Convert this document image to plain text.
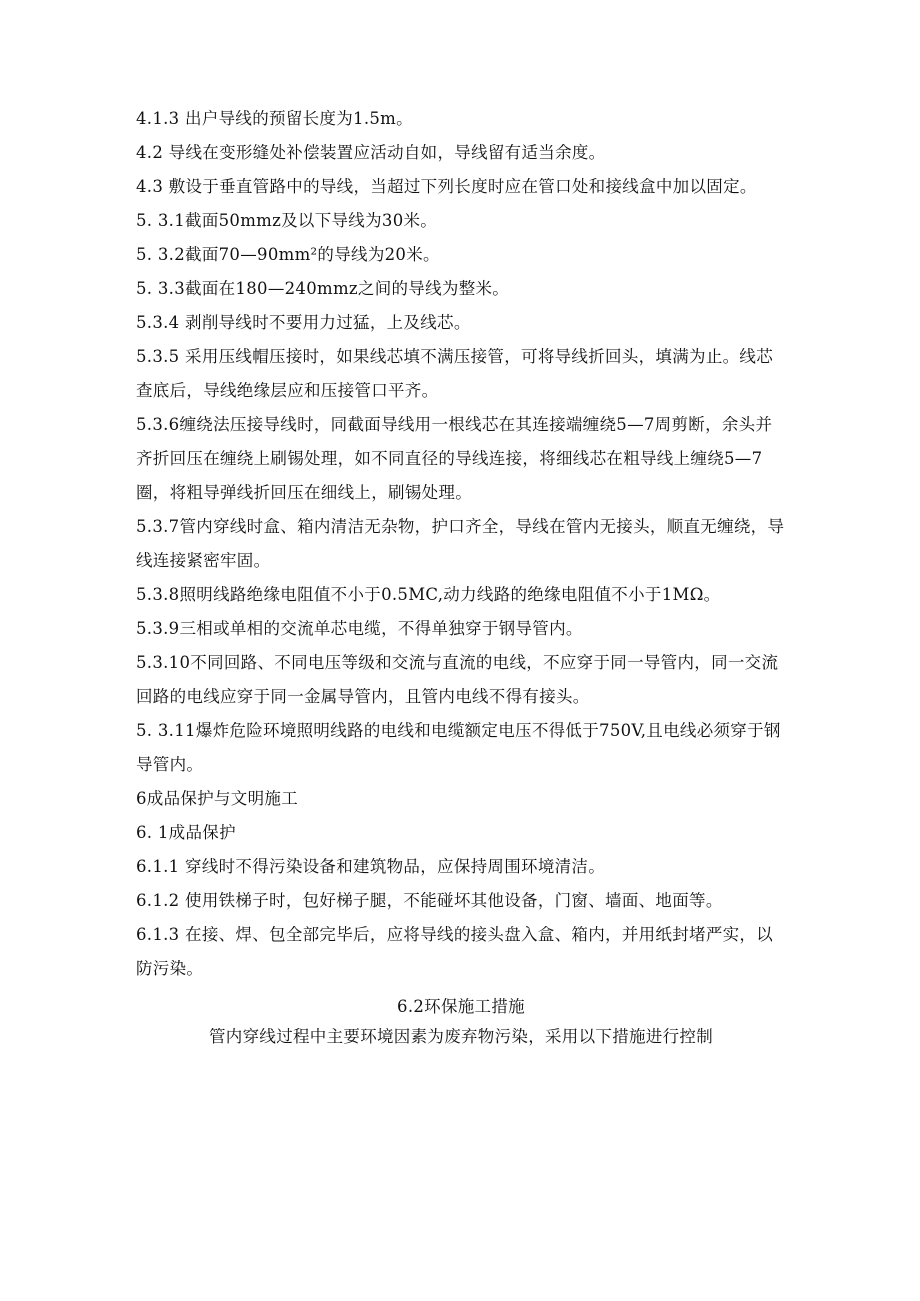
4.1.3 出户导线的预留长度为1.5m。

4.2 导线在变形缝处补偿装置应活动自如，导线留有适当余度。

4.3 敷设于垂直管路中的导线，当超过下列长度时应在管口处和接线盒中加以固定。

5. 3.1截面50mmz及以下导线为30米。

5. 3.2截面70—90mm²的导线为20米。

5. 3.3截面在180—240mmz之间的导线为整米。

5.3.4 剥削导线时不要用力过猛，上及线芯。

5.3.5 采用压线帽压接时，如果线芯填不满压接管，可将导线折回头，填满为止。线芯查底后，导线绝缘层应和压接管口平齐。

5.3.6缠绕法压接导线时，同截面导线用一根线芯在其连接端缠绕5—7周剪断，余头并齐折回压在缠绕上刷锡处理，如不同直径的导线连接，将细线芯在粗导线上缠绕5—7圈，将粗导弹线折回压在细线上，刷锡处理。

5.3.7管内穿线时盒、箱内清洁无杂物，护口齐全，导线在管内无接头，顺直无缠绕，导线连接紧密牢固。

5.3.8照明线路绝缘电阻值不小于0.5MC,动力线路的绝缘电阻值不小于1MΩ。

5.3.9三相或单相的交流单芯电缆，不得单独穿于钢导管内。

5.3.10不同回路、不同电压等级和交流与直流的电线，不应穿于同一导管内，同一交流回路的电线应穿于同一金属导管内，且管内电线不得有接头。

5. 3.11爆炸危险环境照明线路的电线和电缆额定电压不得低于750V,且电线必须穿于钢导管内。

6成品保护与文明施工

6. 1成品保护

6.1.1 穿线时不得污染设备和建筑物品，应保持周围环境清洁。

6.1.2 使用铁梯子时，包好梯子腿，不能碰坏其他设备，门窗、墙面、地面等。

6.1.3 在接、焊、包全部完毕后，应将导线的接头盘入盒、箱内，并用纸封堵严实，以防污染。

6.2环保施工措施

管内穿线过程中主要环境因素为废弃物污染，采用以下措施进行控制
